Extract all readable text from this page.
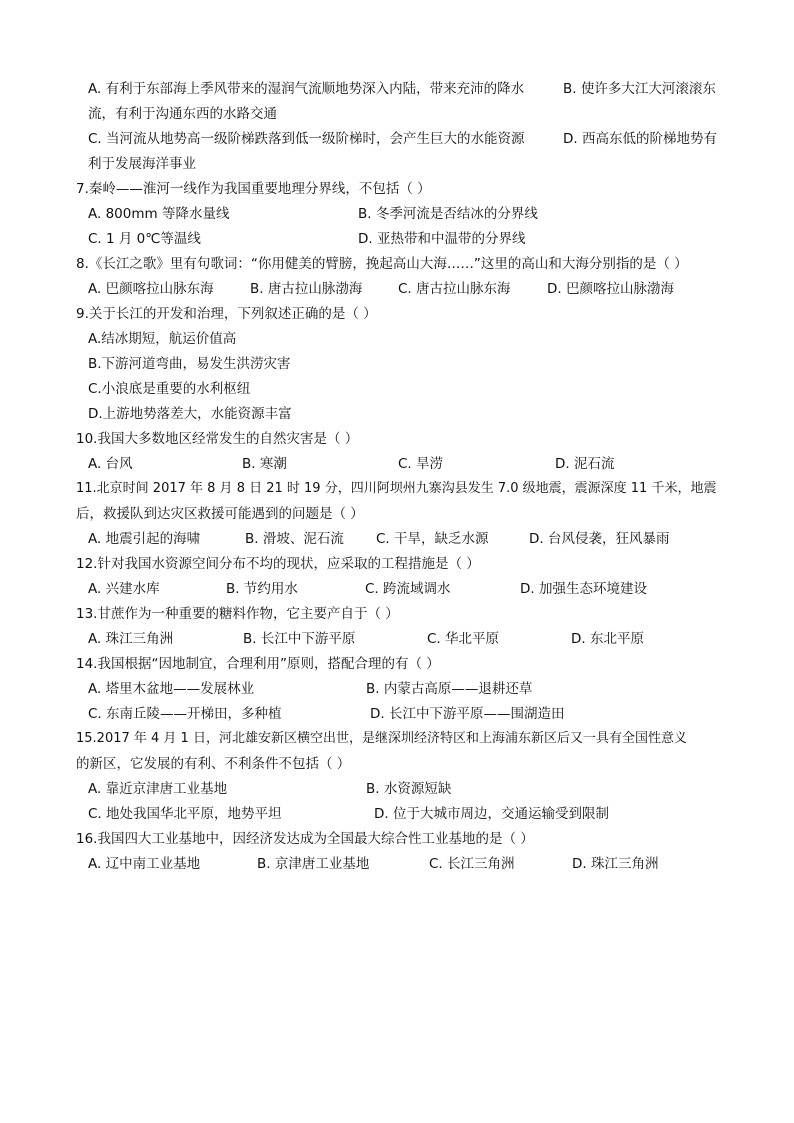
A. 有利于东部海上季风带来的湿润气流顺地势深入内陆，带来充沛的降水	B. 使许多大江大河滚滚东
流，有利于沟通东西的水路交通
C. 当河流从地势高一级阶梯跌落到低一级阶梯时，会产生巨大的水能资源	D. 西高东低的阶梯地势有
利于发展海洋事业
7.秦岭——淮河一线作为我国重要地理分界线，不包括（ ）
A. 800mm 等降水量线	B. 冬季河流是否结冰的分界线
C. 1 月 0℃等温线	D. 亚热带和中温带的分界线
8.《长江之歌》里有句歌词：“你用健美的臂膀，挽起高山大海……”这里的高山和大海分别指的是（ ）
A. 巴颜喀拉山脉东海	B. 唐古拉山脉渤海	C. 唐古拉山脉东海	D. 巴颜喀拉山脉渤海
9.关于长江的开发和治理，下列叙述正确的是（ ）
A.结冰期短，航运价值高
B.下游河道弯曲，易发生洪涝灾害
C.小浪底是重要的水利枢纽
D.上游地势落差大，水能资源丰富
10.我国大多数地区经常发生的自然灾害是（ ）
A. 台风	B. 寒潮	C. 旱涝	D. 泥石流
11.北京时间 2017 年 8 月 8 日 21 时 19 分，四川阿坝州九寨沟县发生 7.0 级地震，震源深度 11 千米，地震
后，救援队到达灾区救援可能遇到的问题是（ ）
A. 地震引起的海啸	B. 滑坡、泥石流 C. 干旱，缺乏水源	D. 台风侵袭，狂风暴雨
12.针对我国水资源空间分布不均的现状，应采取的工程措施是（ ）
A. 兴建水库	B. 节约用水	C. 跨流域调水	D. 加强生态环境建设
13.甘蔗作为一种重要的糖料作物，它主要产自于（ ）
A. 珠江三角洲	B. 长江中下游平原	C. 华北平原	D. 东北平原
14.我国根据“因地制宜，合理利用”原则，搭配合理的有（ ）
A. 塔里木盆地——发展林业	B. 内蒙古高原——退耕还草
C. 东南丘陵——开梯田，多种植	D. 长江中下游平原——围湖造田
15.2017 年 4 月 1 日，河北雄安新区横空出世，是继深圳经济特区和上海浦东新区后又一具有全国性意义
的新区，它发展的有利、不利条件不包括（ ）
A. 靠近京津唐工业基地	B. 水资源短缺
C. 地处我国华北平原，地势平坦	D. 位于大城市周边，交通运输受到限制
16.我国四大工业基地中，因经济发达成为全国最大综合性工业基地的是（ ）
A. 辽中南工业基地	B. 京津唐工业基地	C. 长江三角洲	D. 珠江三角洲
